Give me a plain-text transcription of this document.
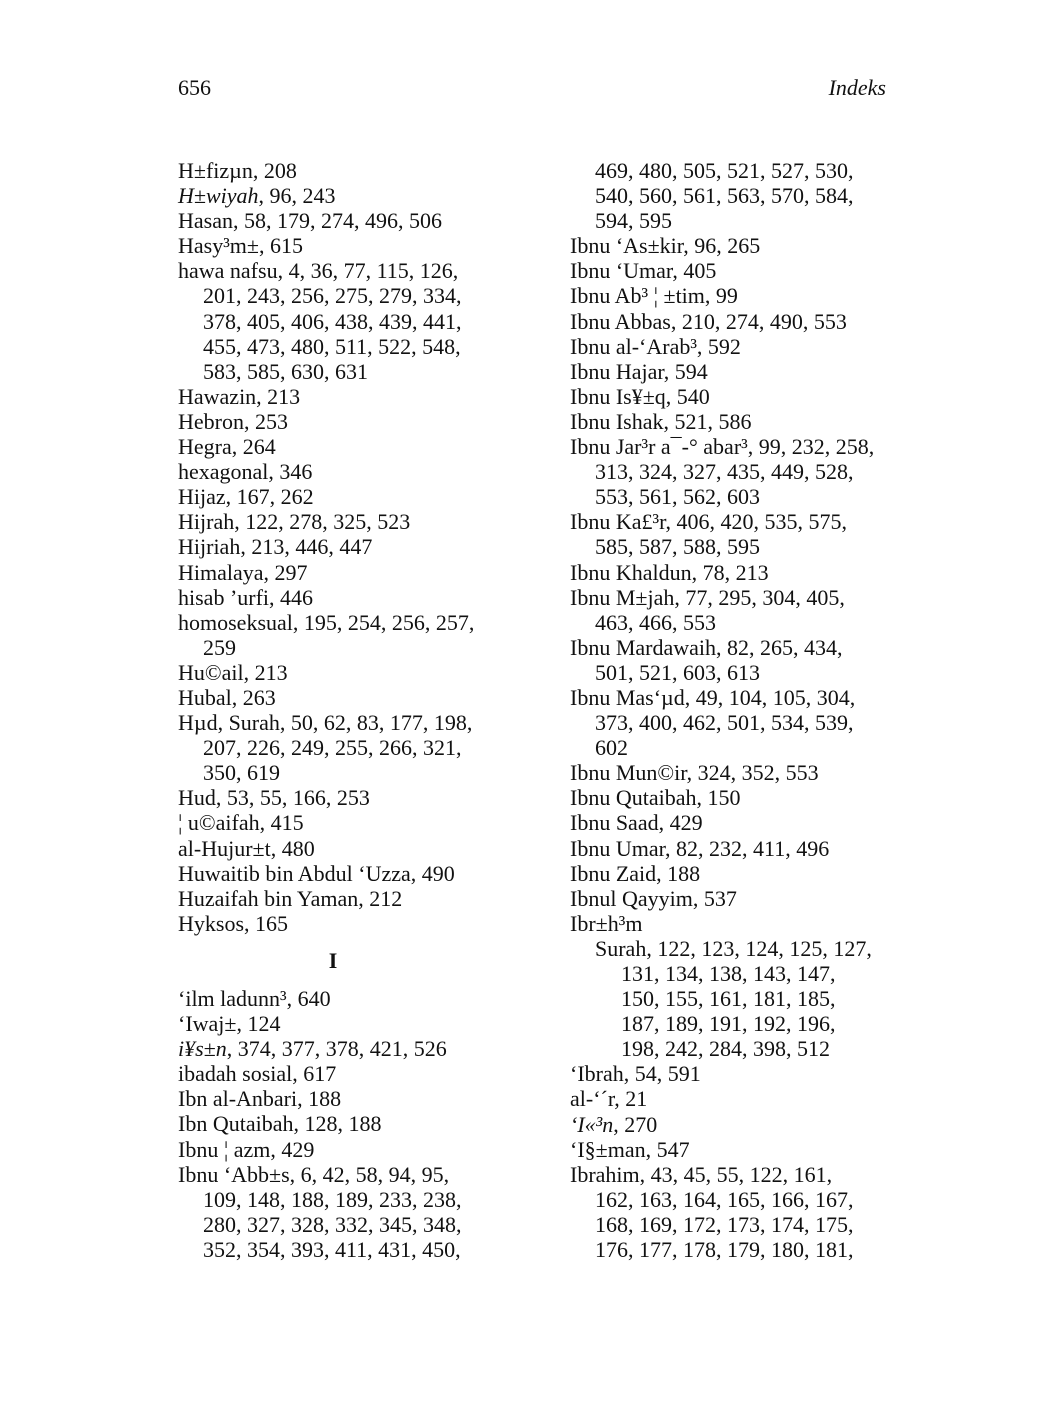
656	Indeks
H±fizµn, 208
H±wiyah, 96, 243
Hasan, 58, 179, 274, 496, 506
Hasy³m±, 615
hawa nafsu, 4, 36, 77, 115, 126,
201, 243, 256, 275, 279, 334,
378, 405, 406, 438, 439, 441,
455, 473, 480, 511, 522, 548,
583, 585, 630, 631
Hawazin, 213
Hebron, 253
Hegra, 264
hexagonal, 346
Hijaz, 167, 262
Hijrah, 122, 278, 325, 523
Hijriah, 213, 446, 447
Himalaya, 297
hisab ’urfi, 446
homoseksual, 195, 254, 256, 257,
259
Hu©ail, 213
Hubal, 263
Hµd, Surah, 50, 62, 83, 177, 198,
207, 226, 249, 255, 266, 321,
350, 619
Hud, 53, 55, 166, 253
¦ u©aifah, 415
al-Hujur±t, 480
Huwaitib bin Abdul ‘Uzza, 490
Huzaifah bin Yaman, 212
Hyksos, 165
I
‘ilm ladunn³, 640
‘Iwaj±, 124
i¥s±n, 374, 377, 378, 421, 526
ibadah sosial, 617
Ibn al-Anbari, 188
Ibn Qutaibah, 128, 188
Ibnu ¦ azm, 429
Ibnu ‘Abb±s, 6, 42, 58, 94, 95,
109, 148, 188, 189, 233, 238,
280, 327, 328, 332, 345, 348,
352, 354, 393, 411, 431, 450,
469, 480, 505, 521, 527, 530,
540, 560, 561, 563, 570, 584,
594, 595
Ibnu ‘As±kir, 96, 265
Ibnu ‘Umar, 405
Ibnu Ab³ ¦ ±tim, 99
Ibnu Abbas, 210, 274, 490, 553
Ibnu al-‘Arab³, 592
Ibnu Hajar, 594
Ibnu Is¥±q, 540
Ibnu Ishak, 521, 586
Ibnu Jar³r a¯-° abar³, 99, 232, 258,
313, 324, 327, 435, 449, 528,
553, 561, 562, 603
Ibnu Ka£³r, 406, 420, 535, 575,
585, 587, 588, 595
Ibnu Khaldun, 78, 213
Ibnu M±jah, 77, 295, 304, 405,
463, 466, 553
Ibnu Mardawaih, 82, 265, 434,
501, 521, 603, 613
Ibnu Mas‘µd, 49, 104, 105, 304,
373, 400, 462, 501, 534, 539,
602
Ibnu Mun©ir, 324, 352, 553
Ibnu Qutaibah, 150
Ibnu Saad, 429
Ibnu Umar, 82, 232, 411, 496
Ibnu Zaid, 188
Ibnul Qayyim, 537
Ibr±h³m
Surah, 122, 123, 124, 125, 127,
131, 134, 138, 143, 147,
150, 155, 161, 181, 185,
187, 189, 191, 192, 196,
198, 242, 284, 398, 512
‘Ibrah, 54, 591
al-‘´r, 21
‘I«³n, 270
‘I§±man, 547
Ibrahim, 43, 45, 55, 122, 161,
162, 163, 164, 165, 166, 167,
168, 169, 172, 173, 174, 175,
176, 177, 178, 179, 180, 181,
